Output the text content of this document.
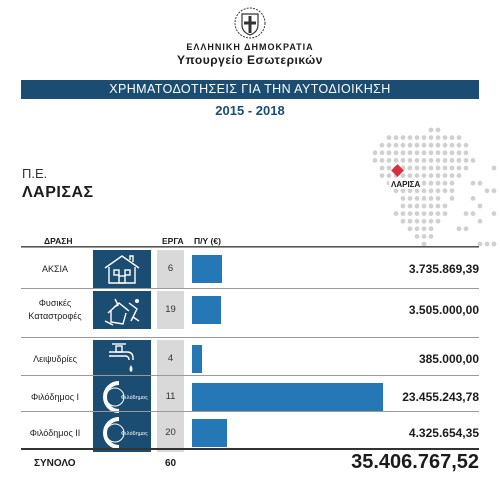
ΕΛΛΗΝΙΚΗ ΔΗΜΟΚΡΑΤΙΑ
Υπουργείο Εσωτερικών
ΧΡΗΜΑΤΟΔΟΤΗΣΕΙΣ ΓΙΑ ΤΗΝ ΑΥΤΟΔΙΟΙΚΗΣΗ
2015 - 2018
Π.Ε.
ΛΑΡΙΣΑΣ	ΛΑΡΙΣΑ
ΔΡΑΣΗ	ΕΡΓΑ Π/Υ (€)
ΑΚΣΙΑ	6	3.735.869,39
Φυσικές
Καταστροφές
19	3.505.000,00
Λειψυδρίες	4	385.000,00
Φιλόδημος Ι	Φιλόδημος	11	23.455.243,78
Φιλόδημος ΙΙ	Φιλόδημος	20	4.325.654,35
ΣΥΝΟΛΟ	60	35.406.767,52
